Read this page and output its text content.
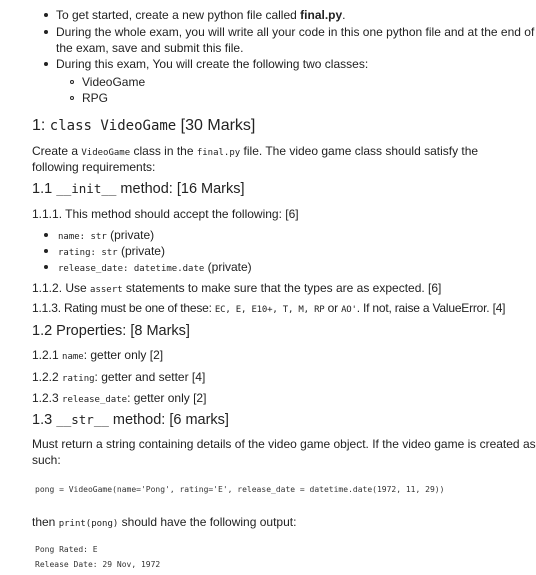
To get started, create a new python file called final.py.
During the whole exam, you will write all your code in this one python file and at the end of
the exam, save and submit this file.
During this exam, You will create the following two classes:
VideoGame
RPG
1: class VideoGame [30 Marks]
Create a VideoGame class in the final.py file. The video game class should satisfy the
following requirements:
1.1 __init__ method: [16 Marks]
1.1.1. This method should accept the following: [6]
name: str (private)
rating: str (private)
release_date: datetime.date (private)
1.1.2. Use assert statements to make sure that the types are as expected. [6]
1.1.3. Rating must be one of these: EC, E, E10+, T, M, RP or AO'. If not, raise a ValueError. [4]
1.2 Properties: [8 Marks]
1.2.1 name: getter only [2]
1.2.2 rating: getter and setter [4]
1.2.3 release_date: getter only [2]
1.3 __str__ method: [6 marks]
Must return a string containing details of the video game object. If the video game is created as
such:
pong = VideoGame(name='Pong', rating='E', release_date = datetime.date(1972, 11, 29))
then print(pong) should have the following output:
Pong Rated: E
Release Date: 29 Nov, 1972
